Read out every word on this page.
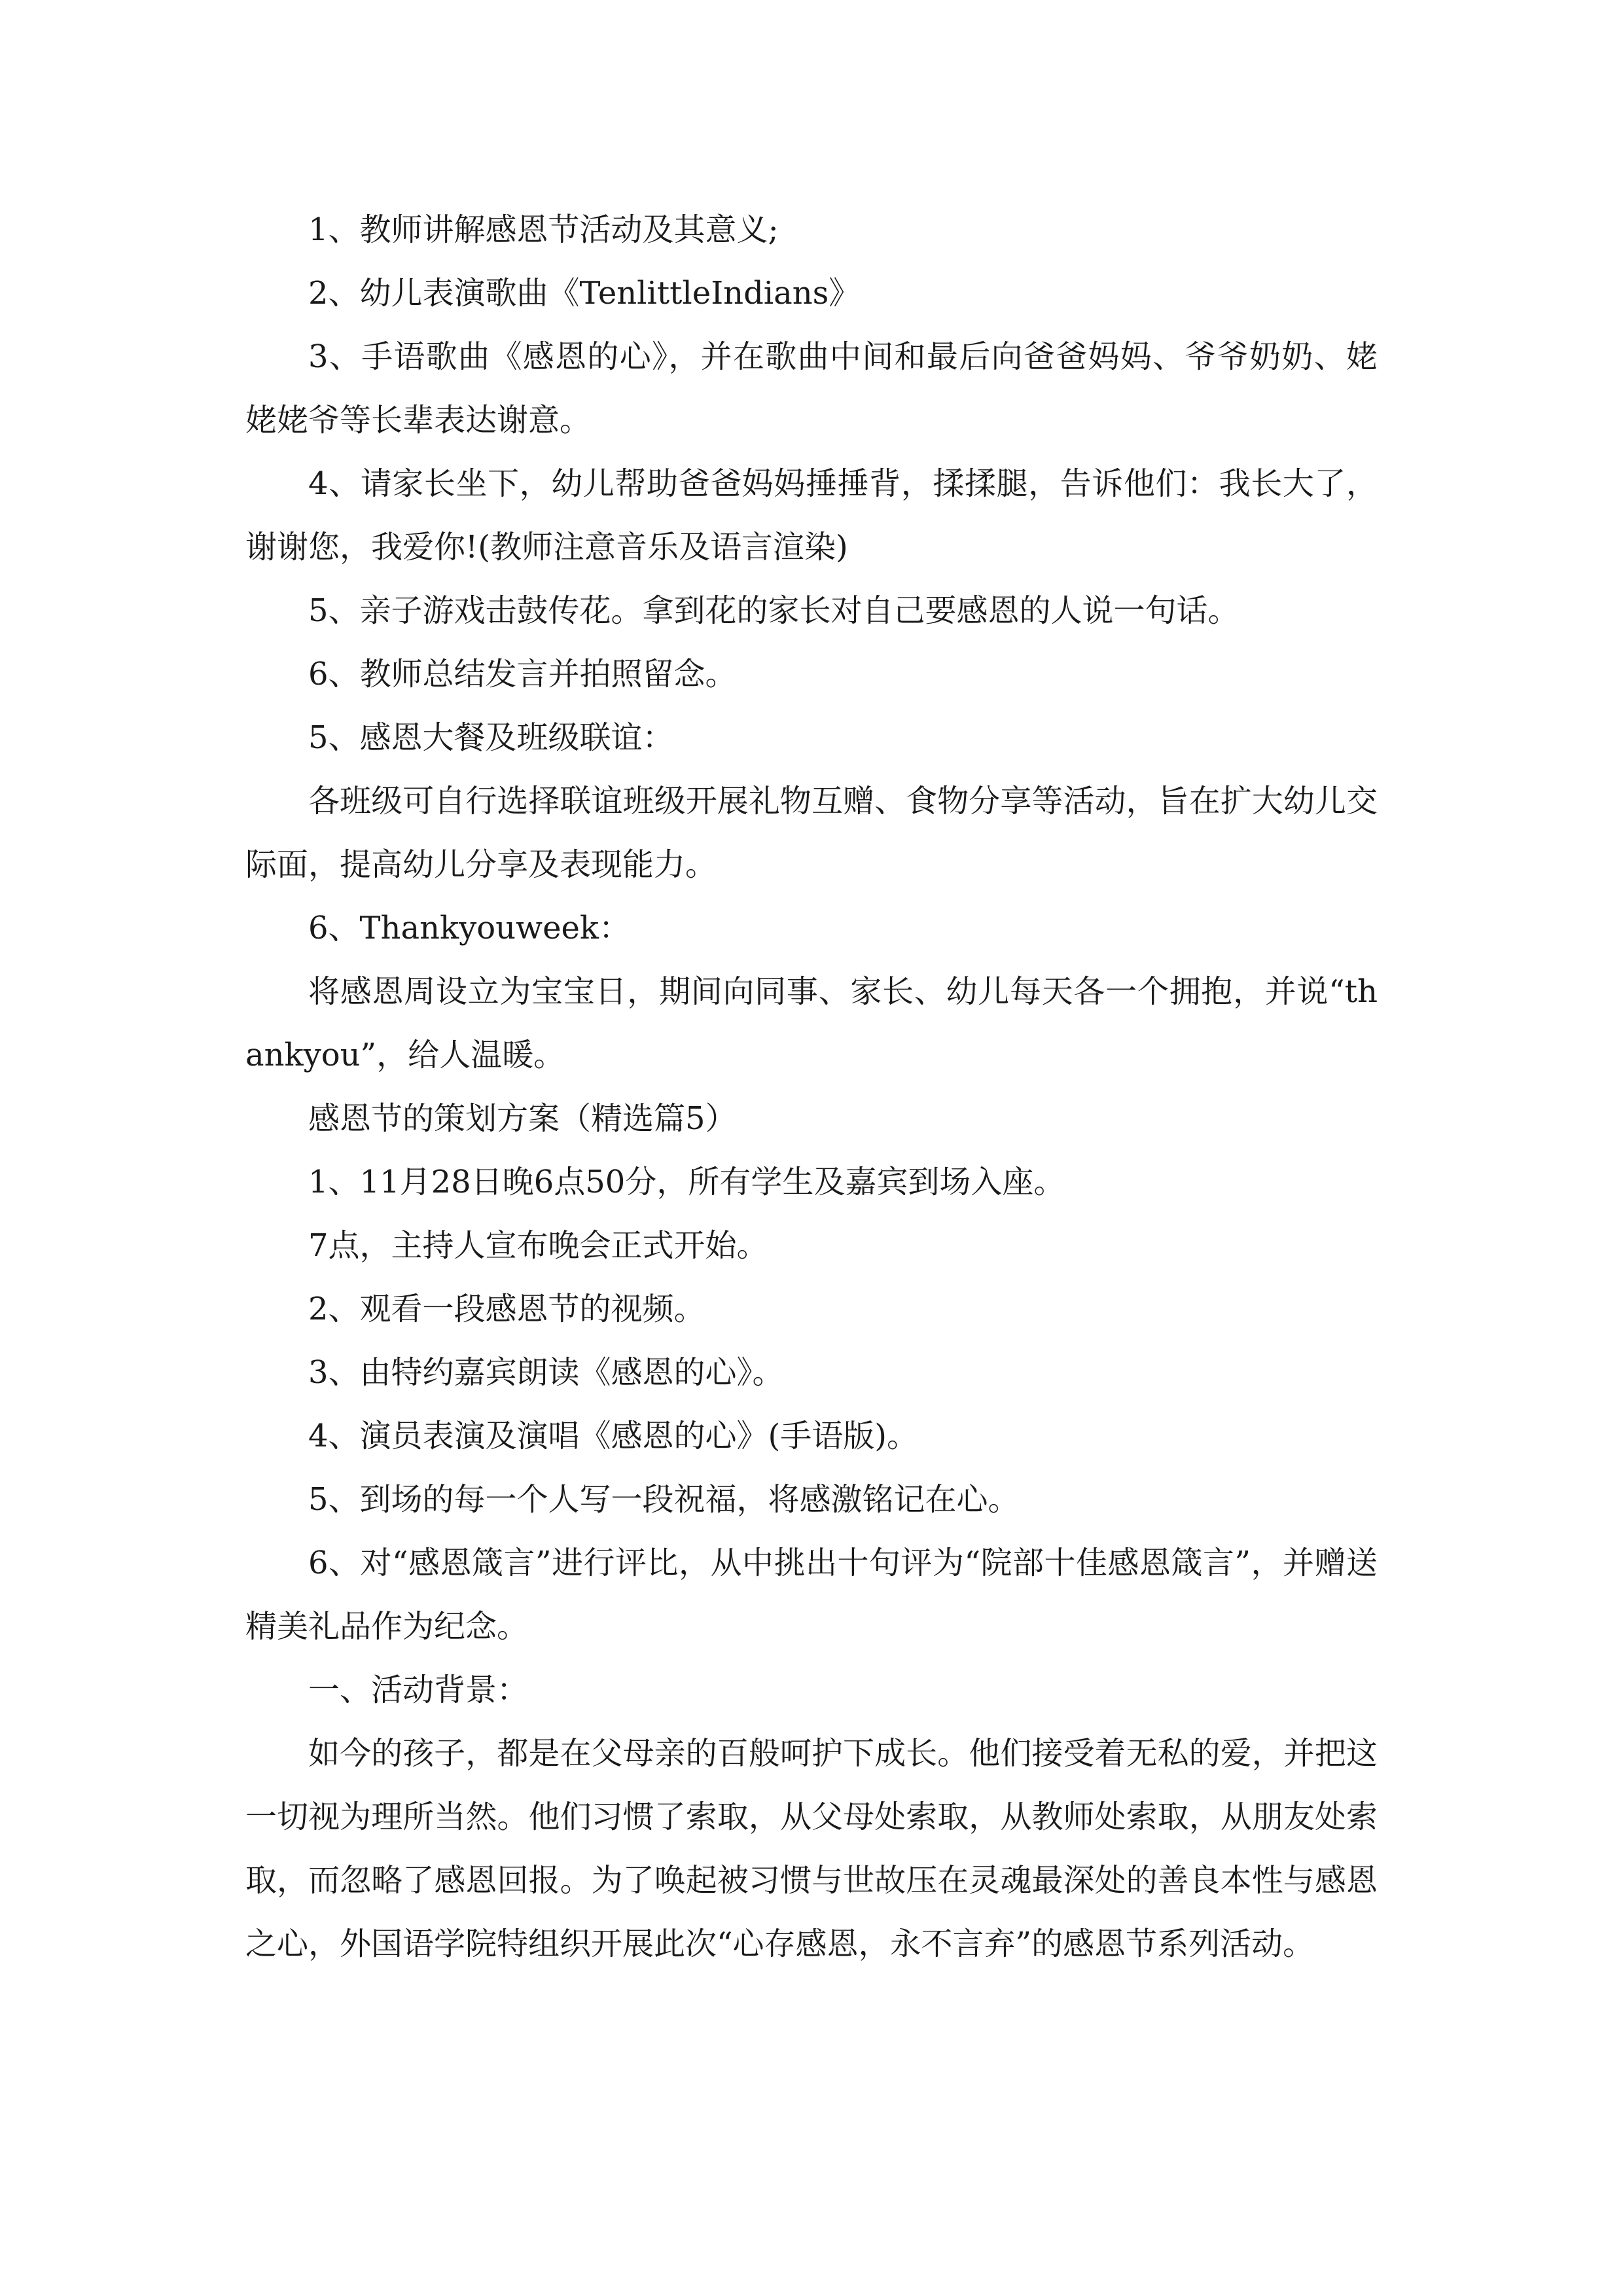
1、教师讲解感恩节活动及其意义;

2、幼儿表演歌曲《TenlittleIndians》

3、手语歌曲《感恩的心》，并在歌曲中间和最后向爸爸妈妈、爷爷奶奶、姥姥姥爷等长辈表达谢意。

4、请家长坐下，幼儿帮助爸爸妈妈捶捶背，揉揉腿，告诉他们：我长大了，谢谢您，我爱你!(教师注意音乐及语言渲染)

5、亲子游戏击鼓传花。拿到花的家长对自己要感恩的人说一句话。

6、教师总结发言并拍照留念。

5、感恩大餐及班级联谊：

各班级可自行选择联谊班级开展礼物互赠、食物分享等活动，旨在扩大幼儿交际面，提高幼儿分享及表现能力。

6、Thankyouweek：

将感恩周设立为宝宝日，期间向同事、家长、幼儿每天各一个拥抱，并说“thankyou”，给人温暖。

感恩节的策划方案（精选篇5）

1、11月28日晚6点50分，所有学生及嘉宾到场入座。

7点，主持人宣布晚会正式开始。

2、观看一段感恩节的视频。

3、由特约嘉宾朗读《感恩的心》。

4、演员表演及演唱《感恩的心》(手语版)。

5、到场的每一个人写一段祝福，将感激铭记在心。

6、对“感恩箴言”进行评比，从中挑出十句评为“院部十佳感恩箴言”，并赠送精美礼品作为纪念。

一、活动背景：

如今的孩子，都是在父母亲的百般呵护下成长。他们接受着无私的爱，并把这一切视为理所当然。他们习惯了索取，从父母处索取，从教师处索取，从朋友处索取，而忽略了感恩回报。为了唤起被习惯与世故压在灵魂最深处的善良本性与感恩之心，外国语学院特组织开展此次“心存感恩，永不言弃”的感恩节系列活动。
